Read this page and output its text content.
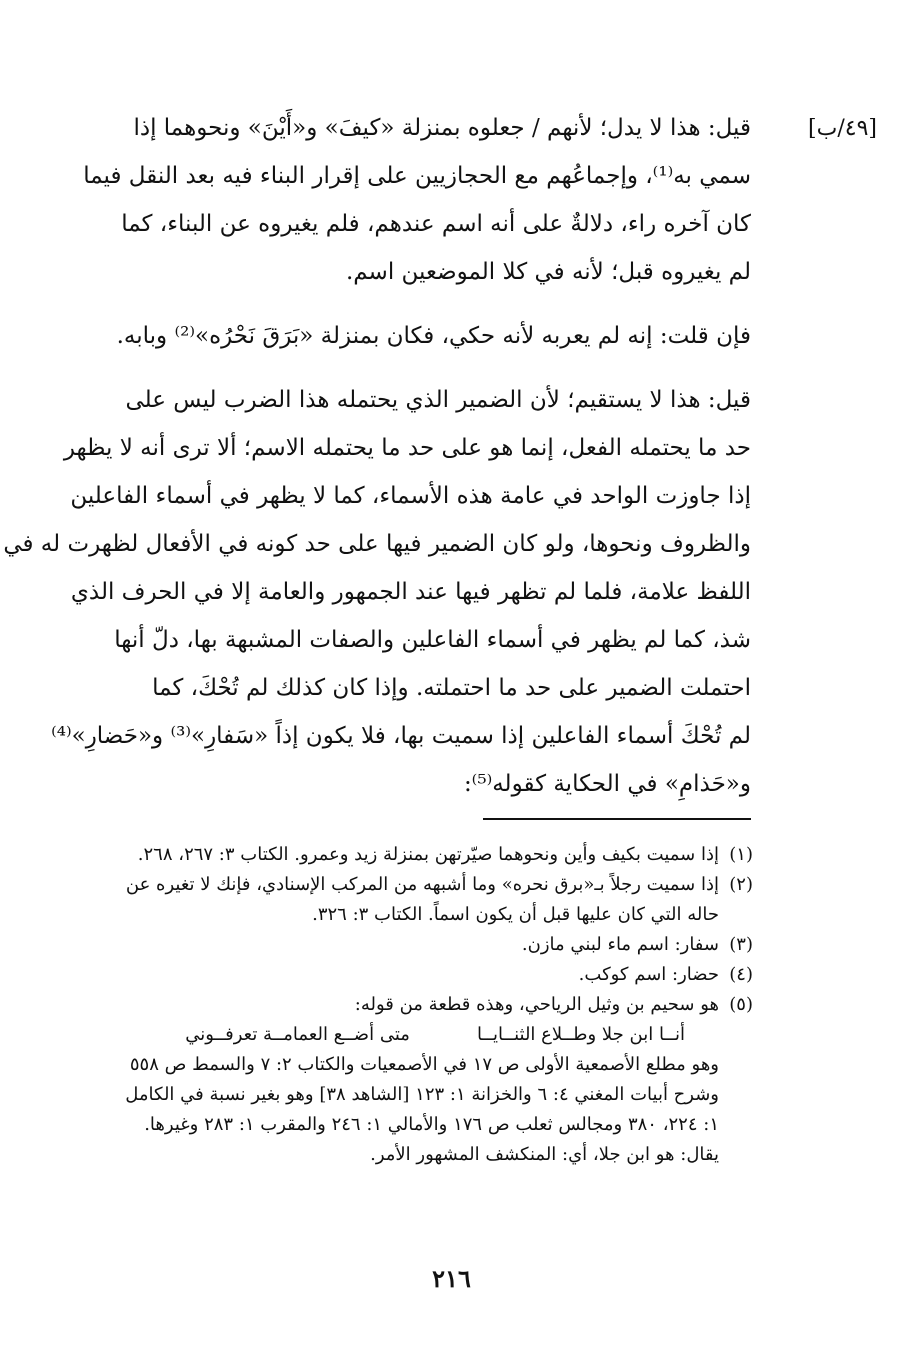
[٤٩/ب]
قيل: هذا لا يدل؛ لأنهم / جعلوه بمنزلة «كيفَ» و«أَيْنَ» ونحوهما إذا
سمي به⁽¹⁾، وإجماعُهم مع الحجازيين على إقرار البناء فيه بعد النقل فيما
كان آخره راء، دلالةٌ على أنه اسم عندهم، فلم يغيروه عن البناء، كما
لم يغيروه قبل؛ لأنه في كلا الموضعين اسم.
فإن قلت: إنه لم يعربه لأنه حكي، فكان بمنزلة «بَرَقَ نَحْرُه»⁽²⁾ وبابه.
قيل: هذا لا يستقيم؛ لأن الضمير الذي يحتمله هذا الضرب ليس على
حد ما يحتمله الفعل، إنما هو على حد ما يحتمله الاسم؛ ألا ترى أنه لا يظهر
إذا جاوزت الواحد في عامة هذه الأسماء، كما لا يظهر في أسماء الفاعلين
والظروف ونحوها، ولو كان الضمير فيها على حد كونه في الأفعال لظهرت له في
اللفظ علامة، فلما لم تظهر فيها عند الجمهور والعامة إلا في الحرف الذي
شذ، كما لم يظهر في أسماء الفاعلين والصفات المشبهة بها، دلّ أنها
احتملت الضمير على حد ما احتملته. وإذا كان كذلك لم تُحْكَ، كما
لم تُحْكَ أسماء الفاعلين إذا سميت بها، فلا يكون إذاً «سَفارِ»⁽³⁾ و«حَضارِ»⁽⁴⁾
و«حَذامِ» في الحكاية كقوله⁽⁵⁾:
(١)
إذا سميت بكيف وأين ونحوهما صيّرتهن بمنزلة زيد وعمرو. الكتاب ٣: ٢٦٧، ٢٦٨.
(٢)
إذا سميت رجلاً بـ«برق نحره» وما أشبهه من المركب الإسنادي، فإنك لا تغيره عن
حاله التي كان عليها قبل أن يكون اسماً. الكتاب ٣: ٣٢٦.
(٣)
سفار: اسم ماء لبني مازن.
(٤)
حضار: اسم كوكب.
(٥)
هو سحيم بن وثيل الرياحي، وهذه قطعة من قوله:
أنــا ابن جلا وطــلاع الثنــايــا
متى أضــع العمامــة تعرفــوني
وهو مطلع الأصمعية الأولى ص ١٧ في الأصمعيات والكتاب ٢: ٧ والسمط ص ٥٥٨
وشرح أبيات المغني ٤: ٦ والخزانة ١: ١٢٣ [الشاهد ٣٨] وهو بغير نسبة في الكامل
١: ٢٢٤، ٣٨٠ ومجالس ثعلب ص ١٧٦ والأمالي ١: ٢٤٦ والمقرب ١: ٢٨٣ وغيرها.
يقال: هو ابن جلا، أي: المنكشف المشهور الأمر.
٢١٦
